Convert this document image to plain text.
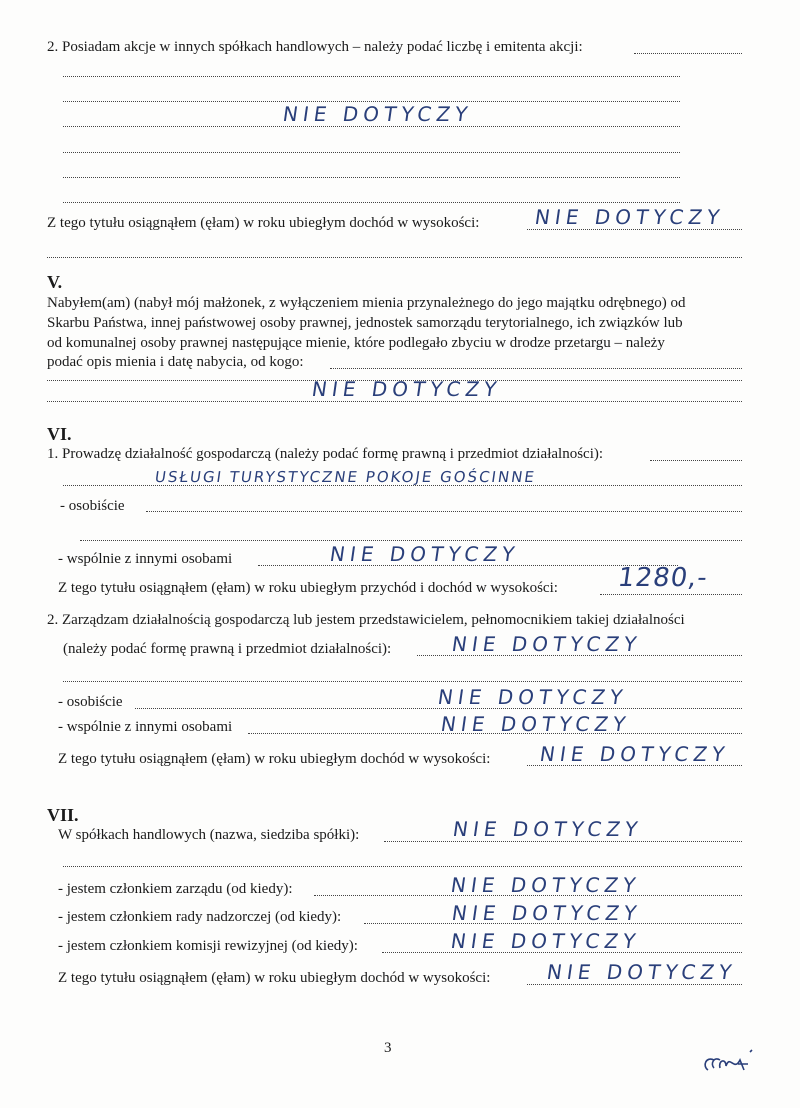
2. Posiadam akcje w innych spółkach handlowych – należy podać liczbę i emitenta akcji:
NIE DOTYCZY
Z tego tytułu osiągnąłem (ęłam) w roku ubiegłym dochód w wysokości:	NIE DOTYCZY
V.
Nabyłem(am) (nabył mój małżonek, z wyłączeniem mienia przynależnego do jego majątku odrębnego) od
Skarbu Państwa, innej państwowej osoby prawnej, jednostek samorządu terytorialnego, ich związków lub
od komunalnej osoby prawnej następujące mienie, które podlegało zbyciu w drodze przetargu – należy
podać opis mienia i datę nabycia, od kogo:
NIE DOTYCZY
VI.
1. Prowadzę działalność gospodarczą (należy podać formę prawną i przedmiot działalności):
USŁUGI TURYSTYCZNE POKOJE GOŚCINNE
- osobiście
- wspólnie z innymi osobami	NIE DOTYCZY
Z tego tytułu osiągnąłem (ęłam) w roku ubiegłym przychód i dochód w wysokości: 1280,-
2. Zarządzam działalnością gospodarczą lub jestem przedstawicielem, pełnomocnikiem takiej działalności
(należy podać formę prawną i przedmiot działalności):	NIE DOTYCZY
- osobiście	NIE DOTYCZY
- wspólnie z innymi osobami	NIE DOTYCZY
Z tego tytułu osiągnąłem (ęłam) w roku ubiegłym dochód w wysokości: NIE DOTYCZY
VII.
W spółkach handlowych (nazwa, siedziba spółki):	NIE DOTYCZY
- jestem członkiem zarządu (od kiedy):	NIE DOTYCZY
- jestem członkiem rady nadzorczej (od kiedy):	NIE DOTYCZY
- jestem członkiem komisji rewizyjnej (od kiedy):	NIE DOTYCZY
Z tego tytułu osiągnąłem (ęłam) w roku ubiegłym dochód w wysokości:	NIE DOTYCZY
3
